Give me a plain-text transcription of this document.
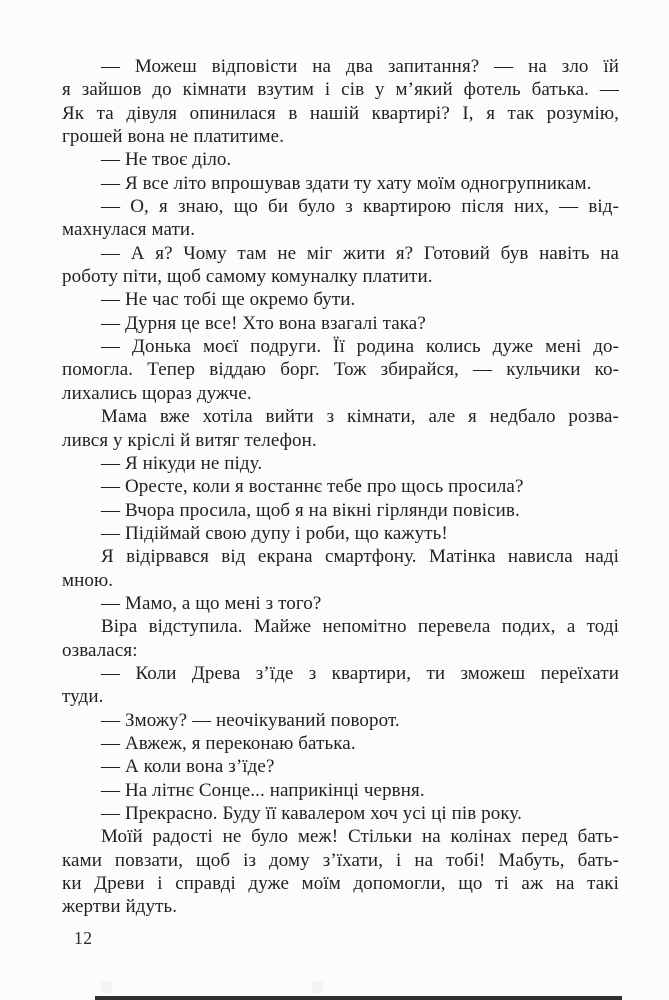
— Можеш відповісти на два запитання? — на зло їй
я зайшов до кімнати взутим і сів у м’який фотель батька. —
Як та дівуля опинилася в нашій квартирі? І, я так розумію,
грошей вона не платитиме.
— Не твоє діло.
— Я все літо впрошував здати ту хату моїм одногрупникам.
— О, я знаю, що би було з квартирою після них, — від-
махнулася мати.
— А я? Чому там не міг жити я? Готовий був навіть на
роботу піти, щоб самому комуналку платити.
— Не час тобі ще окремо бути.
— Дурня це все! Хто вона взагалі така?
— Донька моєї подруги. Її родина колись дуже мені до-
помогла. Тепер віддаю борг. Тож збирайся, — кульчики ко-
лихались щораз дужче.
Мама вже хотіла вийти з кімнати, але я недбало розва-
лився у кріслі й витяг телефон.
— Я нікуди не піду.
— Оресте, коли я востаннє тебе про щось просила?
— Вчора просила, щоб я на вікні гірлянди повісив.
— Підіймай свою дупу і роби, що кажуть!
Я відірвався від екрана смартфону. Матінка нависла наді
мною.
— Мамо, а що мені з того?
Віра відступила. Майже непомітно перевела подих, а тоді
озвалася:
— Коли Древа з’їде з квартири, ти зможеш переїхати
туди.
— Зможу? — неочікуваний поворот.
— Авжеж, я переконаю батька.
— А коли вона з’їде?
— На літнє Сонце... наприкінці червня.
— Прекрасно. Буду її кавалером хоч усі ці пів року.
Моїй радості не було меж! Стільки на колінах перед бать-
ками повзати, щоб із дому з’їхати, і на тобі! Мабуть, бать-
ки Древи і справді дуже моїм допомогли, що ті аж на такі
жертви йдуть.
12
